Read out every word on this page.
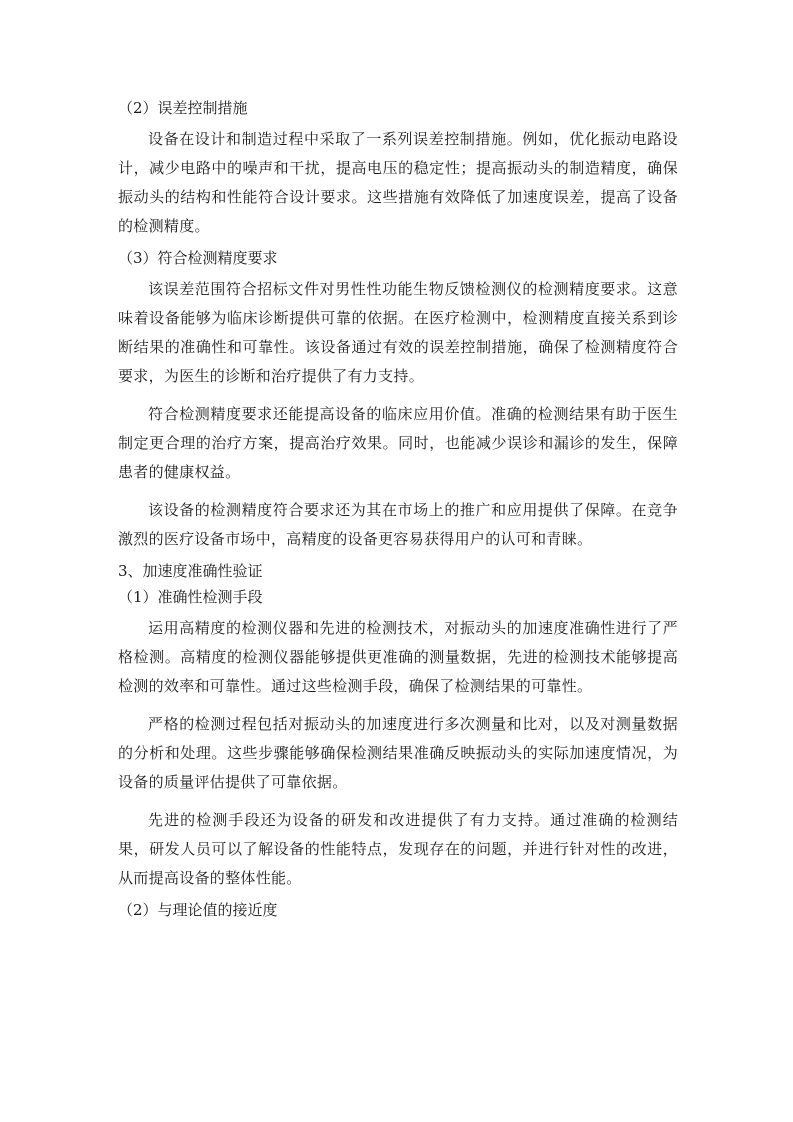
（2）误差控制措施

设备在设计和制造过程中采取了一系列误差控制措施。例如，优化振动电路设计，减少电路中的噪声和干扰，提高电压的稳定性；提高振动头的制造精度，确保振动头的结构和性能符合设计要求。这些措施有效降低了加速度误差，提高了设备的检测精度。

（3）符合检测精度要求

该误差范围符合招标文件对男性性功能生物反馈检测仪的检测精度要求。这意味着设备能够为临床诊断提供可靠的依据。在医疗检测中，检测精度直接关系到诊断结果的准确性和可靠性。该设备通过有效的误差控制措施，确保了检测精度符合要求，为医生的诊断和治疗提供了有力支持。

符合检测精度要求还能提高设备的临床应用价值。准确的检测结果有助于医生制定更合理的治疗方案，提高治疗效果。同时，也能减少误诊和漏诊的发生，保障患者的健康权益。

该设备的检测精度符合要求还为其在市场上的推广和应用提供了保障。在竞争激烈的医疗设备市场中，高精度的设备更容易获得用户的认可和青睐。

3、加速度准确性验证

（1）准确性检测手段

运用高精度的检测仪器和先进的检测技术，对振动头的加速度准确性进行了严格检测。高精度的检测仪器能够提供更准确的测量数据，先进的检测技术能够提高检测的效率和可靠性。通过这些检测手段，确保了检测结果的可靠性。

严格的检测过程包括对振动头的加速度进行多次测量和比对，以及对测量数据的分析和处理。这些步骤能够确保检测结果准确反映振动头的实际加速度情况，为设备的质量评估提供了可靠依据。

先进的检测手段还为设备的研发和改进提供了有力支持。通过准确的检测结果，研发人员可以了解设备的性能特点，发现存在的问题，并进行针对性的改进，从而提高设备的整体性能。

（2）与理论值的接近度
